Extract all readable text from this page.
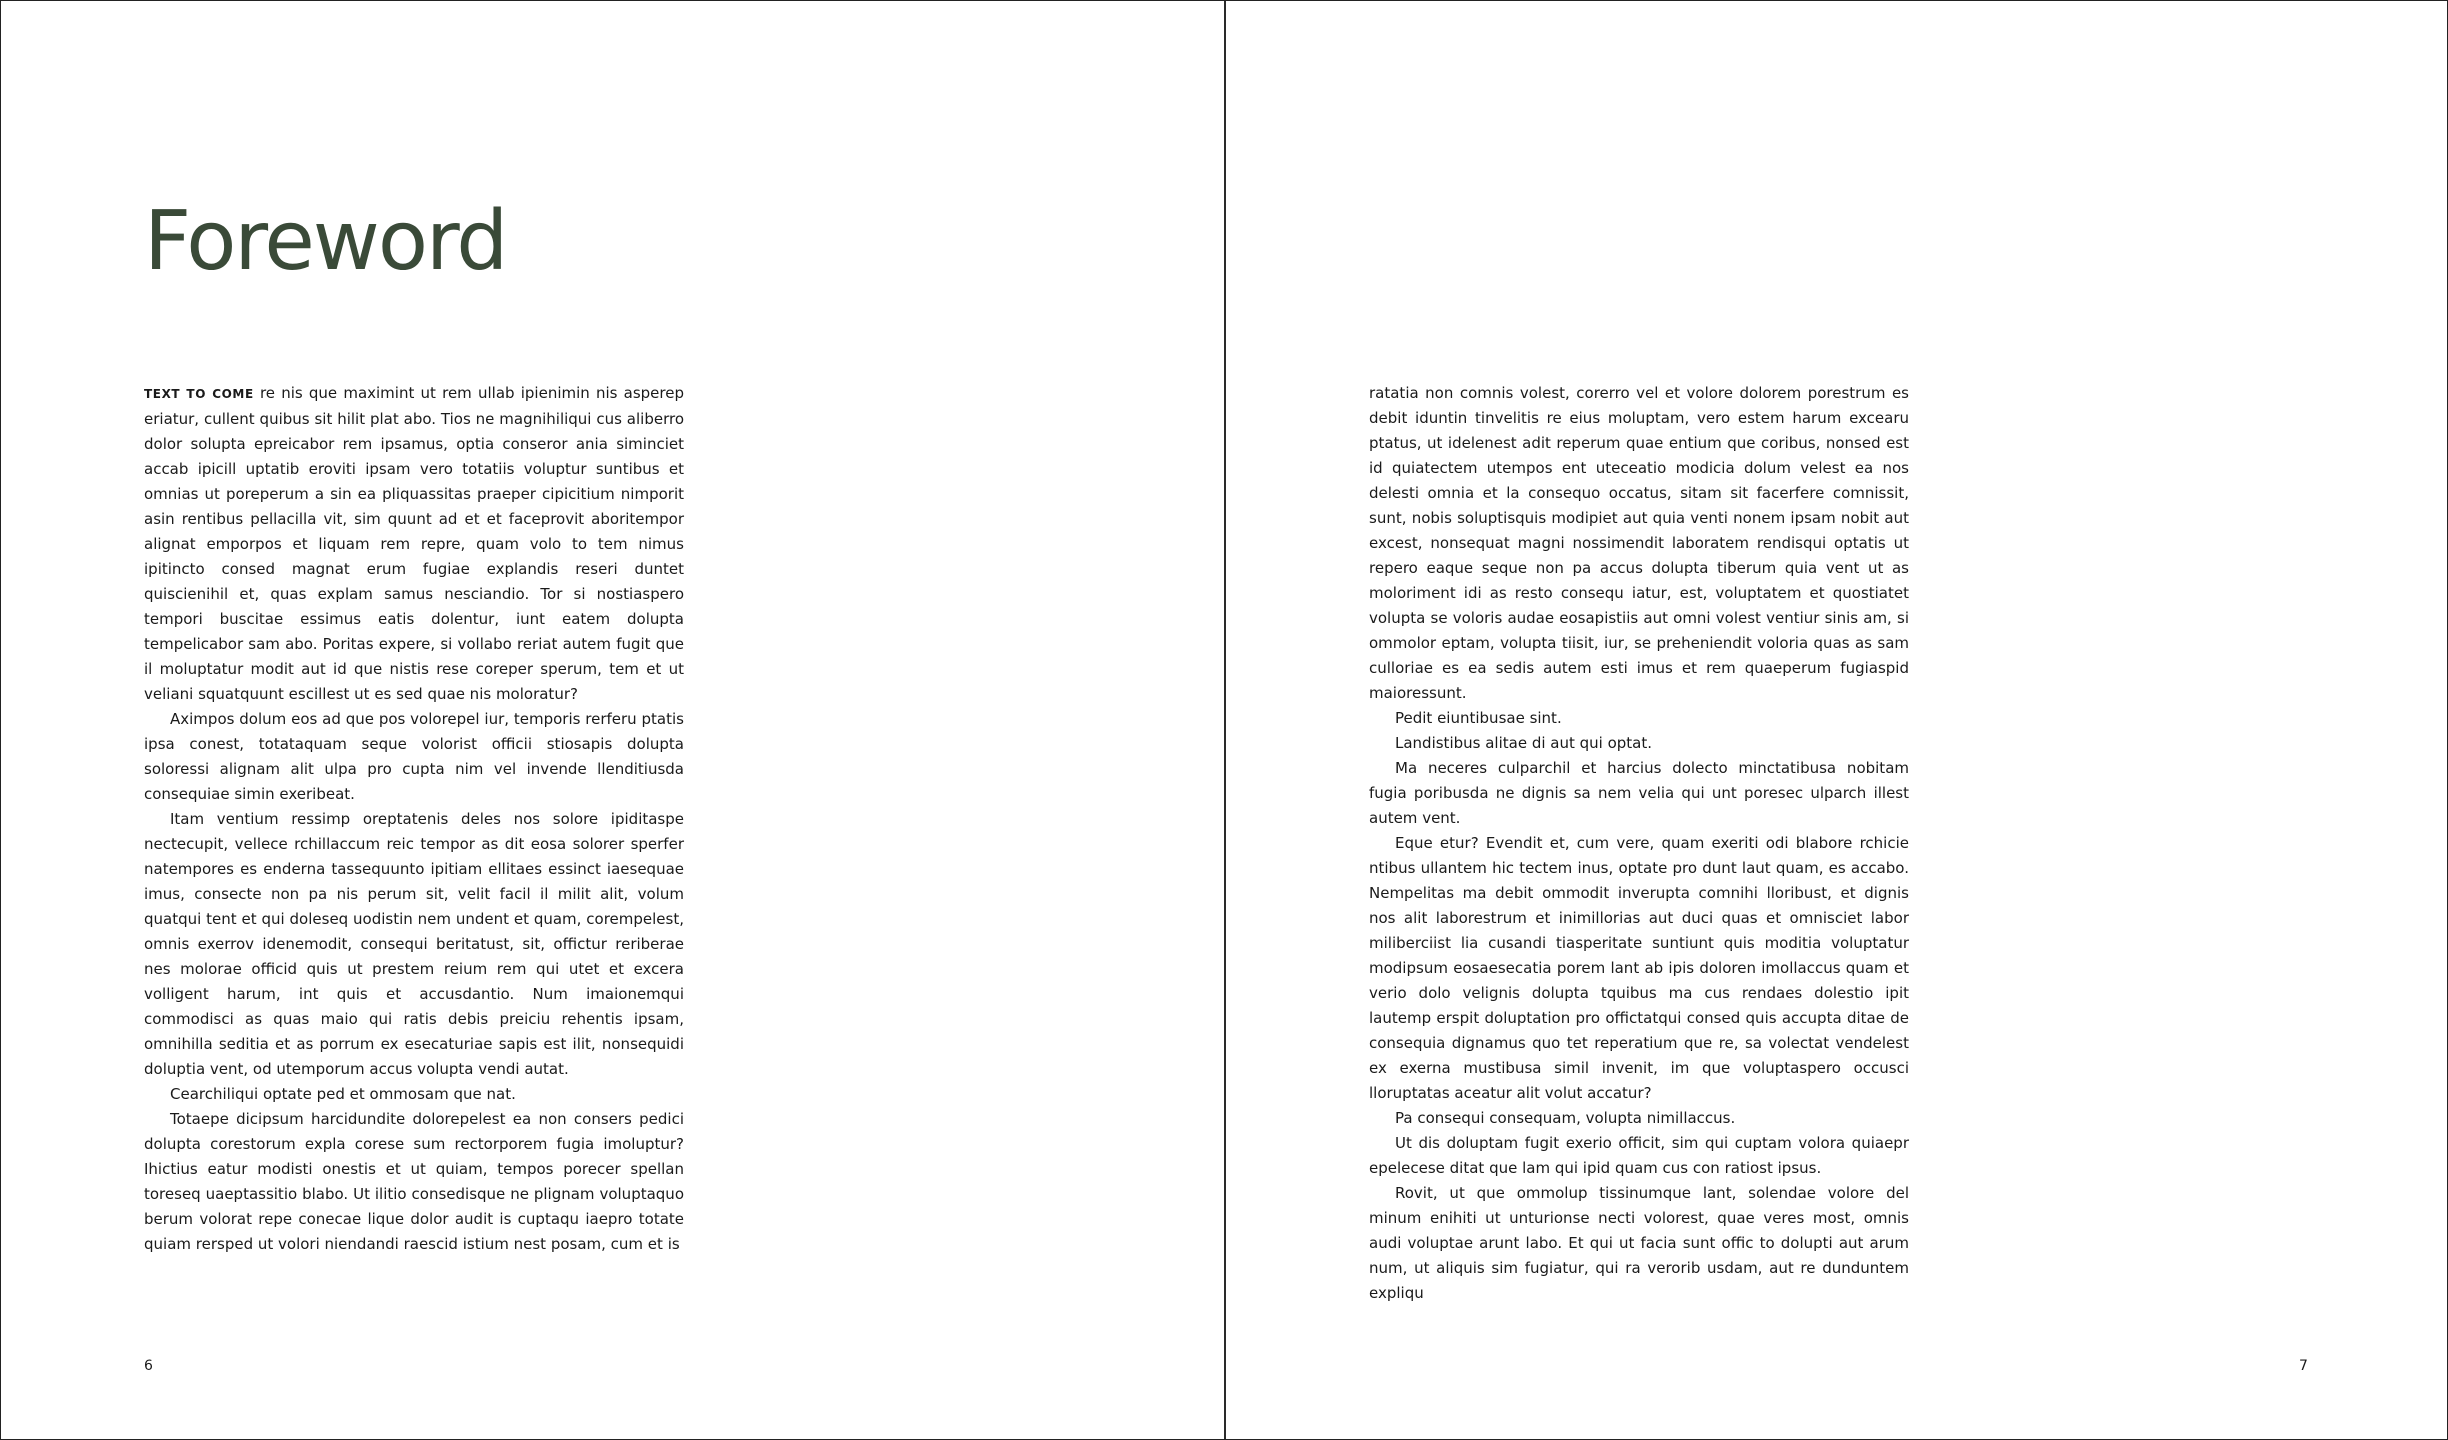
Foreword

TEXT TO COME re nis que maximint ut rem ullab ipienimin nis asperep eriatur, cullent quibus sit hilit plat abo. Tios ne magnihiliqui cus aliberro dolor solupta epreicabor rem ipsamus, optia conseror ania siminciet accab ipicill uptatib eroviti ipsam vero totatiis voluptur suntibus et omnias ut poreperum a sin ea pliquassitas praeper cipicitium nimporit asin rentibus pellacilla vit, sim quunt ad et et faceprovit aboritempor alignat emporpos et liquam rem repre, quam volo to tem nimus ipitincto consed magnat erum fugiae explandis reseri duntet quiscienihil et, quas explam samus nesciandio. Tor si nostiaspero tempori buscitae essimus eatis dolentur, iunt eatem dolupta tempelicabor sam abo. Poritas expere, si vollabo reriat autem fugit que il moluptatur modit aut id que nistis rese coreper sperum, tem et ut veliani squatquunt escillest ut es sed quae nis moloratur?

Aximpos dolum eos ad que pos volorepel iur, temporis rerferu ptatis ipsa conest, totataquam seque volorist officii stiosapis dolupta soloressi alignam alit ulpa pro cupta nim vel invende llenditiusda consequiae simin exeribeat.

Itam ventium ressimp oreptatenis deles nos solore ipiditaspe nectecupit, vellece rchillaccum reic tempor as dit eosa solorer sperfer natempores es enderna tassequunto ipitiam ellitaes essinct iaesequae imus, consecte non pa nis perum sit, velit facil il milit alit, volum quatqui tent et qui doleseq uodistin nem undent et quam, corempelest, omnis exerrov idenemodit, consequi beritatust, sit, offictur reriberae nes molorae officid quis ut prestem reium rem qui utet et excera volligent harum, int quis et accusdantio. Num imaionemqui commodisci as quas maio qui ratis debis preiciu rehentis ipsam, omnihilla seditia et as porrum ex esecaturiae sapis est ilit, nonsequidi doluptia vent, od utemporum accus volupta vendi autat.

Cearchiliqui optate ped et ommosam que nat.

Totaepe dicipsum harcidundite dolorepelest ea non consers pedici dolupta corestorum expla corese sum rectorporem fugia imoluptur? Ihictius eatur modisti onestis et ut quiam, tempos porecer spellan toreseq uaeptassitio blabo. Ut ilitio consedisque ne plignam voluptaquo berum volorat repe conecae lique dolor audit is cuptaqu iaepro totate quiam rersped ut volori niendandi raescid istium nest posam, cum et is

6

ratatia non comnis volest, corerro vel et volore dolorem porestrum es debit iduntin tinvelitis re eius moluptam, vero estem harum excearu ptatus, ut idelenest adit reperum quae entium que coribus, nonsed est id quiatectem utempos ent uteceatio modicia dolum velest ea nos delesti omnia et la consequo occatus, sitam sit facerfere comnissit, sunt, nobis soluptisquis modipiet aut quia venti nonem ipsam nobit aut excest, nonsequat magni nossimendit laboratem rendisqui optatis ut repero eaque seque non pa accus dolupta tiberum quia vent ut as moloriment idi as resto consequ iatur, est, voluptatem et quostiatet volupta se voloris audae eosapistiis aut omni volest ventiur sinis am, si ommolor eptam, volupta tiisit, iur, se preheniendit voloria quas as sam culloriae es ea sedis autem esti imus et rem quaeperum fugiaspid maioressunt.

Pedit eiuntibusae sint.

Landistibus alitae di aut qui optat.

Ma neceres culparchil et harcius dolecto minctatibusa nobitam fugia poribusda ne dignis sa nem velia qui unt poresec ulparch illest autem vent.

Eque etur? Evendit et, cum vere, quam exeriti odi blabore rchicie ntibus ullantem hic tectem inus, optate pro dunt laut quam, es accabo. Nempelitas ma debit ommodit inverupta comnihi lloribust, et dignis nos alit laborestrum et inimillorias aut duci quas et omnisciet labor miliberciist lia cusandi tiasperitate suntiunt quis moditia voluptatur modipsum eosaesecatia porem lant ab ipis doloren imollaccus quam et verio dolo velignis dolupta tquibus ma cus rendaes dolestio ipit lautemp erspit doluptation pro offictatqui consed quis accupta ditae de consequia dignamus quo tet reperatium que re, sa volectat vendelest ex exerna mustibusa simil invenit, im que voluptaspero occusci lloruptatas aceatur alit volut accatur?

Pa consequi consequam, volupta nimillaccus.

Ut dis doluptam fugit exerio officit, sim qui cuptam volora quiaepr epelecese ditat que lam qui ipid quam cus con ratiost ipsus.

Rovit, ut que ommolup tissinumque lant, solendae volore del minum enihiti ut unturionse necti volorest, quae veres most, omnis audi voluptae arunt labo. Et qui ut facia sunt offic to dolupti aut arum num, ut aliquis sim fugiatur, qui ra verorib usdam, aut re dunduntem expliqu

7
